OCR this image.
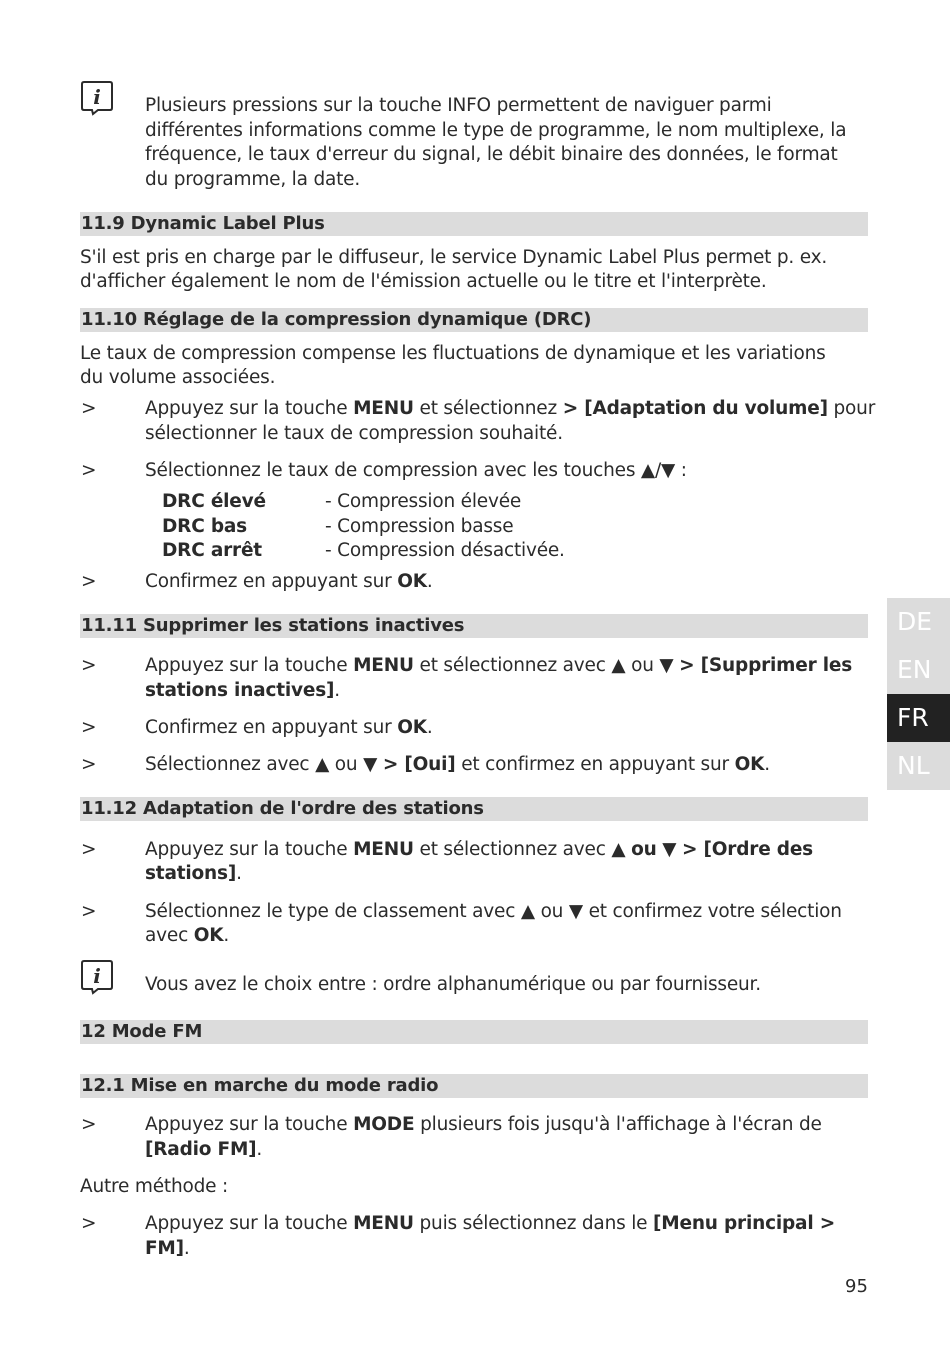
i Plusieurs pressions sur la touche INFO permettent de naviguer parmi
différentes informations comme le type de programme, le nom multiplexe, la
fréquence, le taux d'erreur du signal, le débit binaire des données, le format
du programme, la date.
11.9 Dynamic Label Plus
S'il est pris en charge par le diffuseur, le service Dynamic Label Plus permet p. ex.
d'afficher également le nom de l'émission actuelle ou le titre et l'interprète.
11.10 Réglage de la compression dynamique (DRC)
Le taux de compression compense les fluctuations de dynamique et les variations
du volume associées.
>	Appuyez sur la touche MENU et sélectionnez > [Adaptation du volume] pour
sélectionner le taux de compression souhaité.
>	Sélectionnez le taux de compression avec les touches ▲/▼ :
DRC élevé	- Compression élevée
DRC bas	- Compression basse
DRC arrêt	- Compression désactivée.
>	Confirmez en appuyant sur OK.
11.11 Supprimer les stations inactives
>	Appuyez sur la touche MENU et sélectionnez avec ▲ ou ▼ > [Supprimer les
stations inactives].
>	Confirmez en appuyant sur OK.
>	Sélectionnez avec ▲ ou ▼ > [Oui] et confirmez en appuyant sur OK.
11.12 Adaptation de l'ordre des stations
>	Appuyez sur la touche MENU et sélectionnez avec ▲ ou ▼ > [Ordre des
stations].
>	Sélectionnez le type de classement avec ▲ ou ▼ et confirmez votre sélection
avec OK.
i Vous avez le choix entre : ordre alphanumérique ou par fournisseur.
12 Mode FM
12.1 Mise en marche du mode radio
>	Appuyez sur la touche MODE plusieurs fois jusqu'à l'affichage à l'écran de
[Radio FM].
Autre méthode :
>	Appuyez sur la touche MENU puis sélectionnez dans le [Menu principal >
FM].
DE
EN
FR
NL
95
